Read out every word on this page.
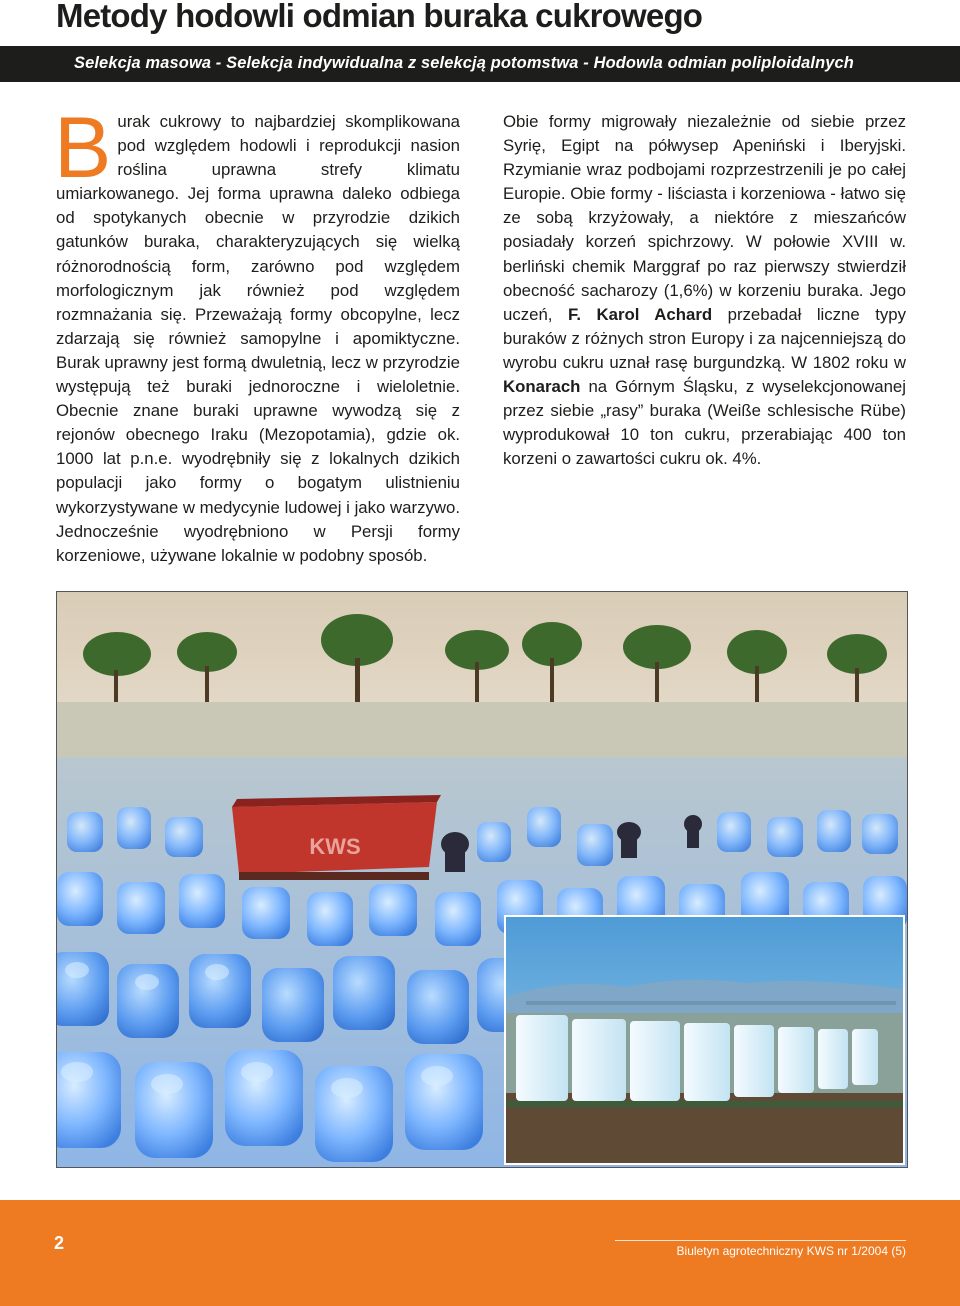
Metody hodowli odmian buraka cukrowego
Selekcja masowa - Selekcja indywidualna z selekcją potomstwa - Hodowla odmian poliploidalnych

Burak cukrowy to najbardziej skomplikowana pod względem hodowli i reprodukcji nasion roślina uprawna strefy klimatu umiarkowanego. Jej forma uprawna daleko odbiega od spotykanych obecnie w przyrodzie dzikich gatunków buraka, charakteryzujących się wielką różnorodnością form, zarówno pod względem morfologicznym jak również pod względem rozmnażania się. Przeważają formy obcopylne, lecz zdarzają się również samopylne i apomiktyczne. Burak uprawny jest formą dwuletnią, lecz w przyrodzie występują też buraki jednoroczne i wieloletnie. Obecnie znane buraki uprawne wywodzą się z rejonów obecnego Iraku (Mezopotamia), gdzie ok. 1000 lat p.n.e. wyodrębniły się z lokalnych dzikich populacji jako formy o bogatym ulistnieniu wykorzystywane w medycynie ludowej i jako warzywo. Jednocześnie wyodrębniono w Persji formy korzeniowe, używane lokalnie w podobny sposób.

Obie formy migrowały niezależnie od siebie przez Syrię, Egipt na półwysep Apeniński i Iberyjski. Rzymianie wraz podbojami rozprzestrzenili je po całej Europie. Obie formy - liściasta i korzeniowa - łatwo się ze sobą krzyżowały, a niektóre z mieszańców posiadały korzeń spichrzowy. W połowie XVIII w. berliński chemik Marggraf po raz pierwszy stwierdził obecność sacharozy (1,6%) w korzeniu buraka. Jego uczeń, F. Karol Achard przebadał liczne typy buraków z różnych stron Europy i za najcenniejszą do wyrobu cukru uznał rasę burgundzką. W 1802 roku w Konarach na Górnym Śląsku, z wyselekcjonowanej przez siebie „rasy” buraka (Weiße schlesische Rübe) wyprodukował 10 ton cukru, przerabiając 400 ton korzeni o zawartości cukru ok. 4%.

KWS
2	Biuletyn agrotechniczny KWS nr 1/2004 (5)
